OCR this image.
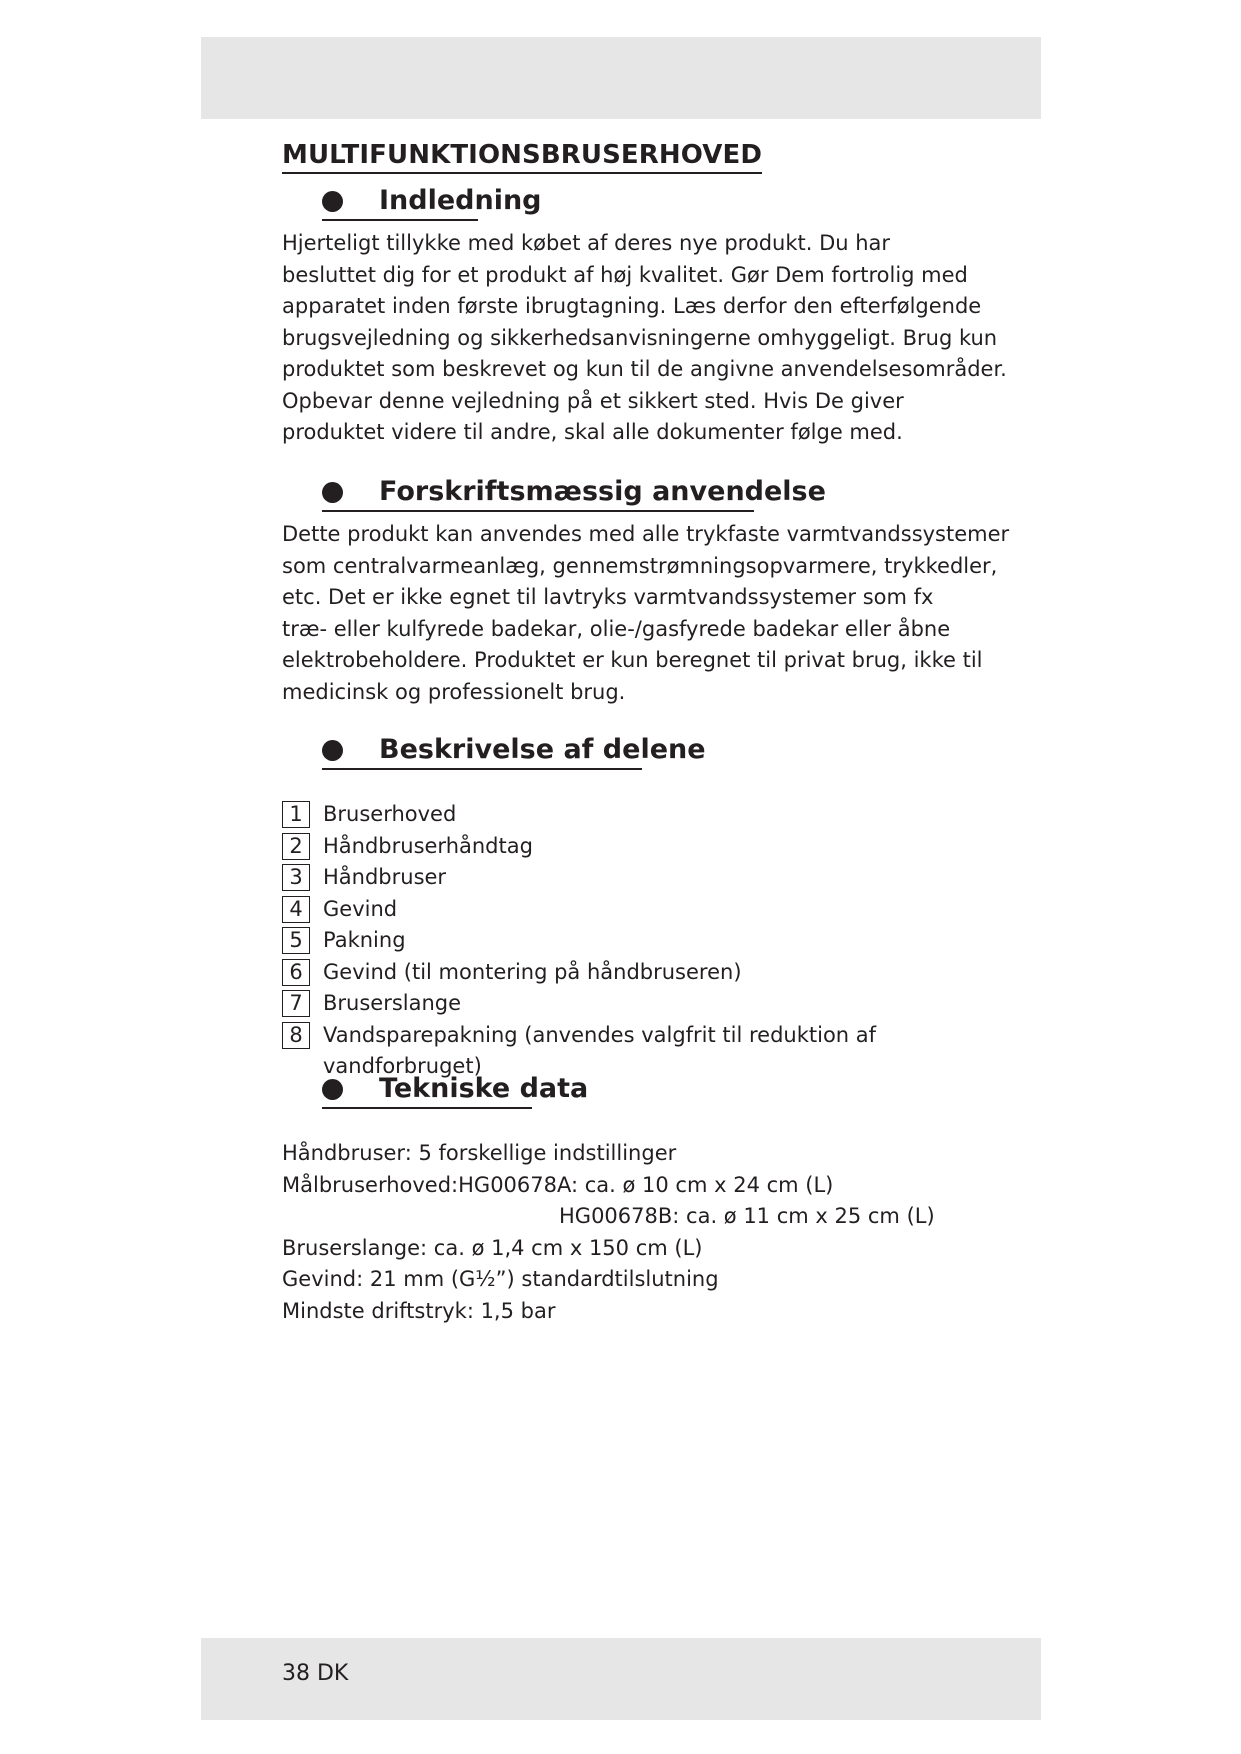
MULTIFUNKTIONSBRUSERHOVED
Indledning

Hjerteligt tillykke med købet af deres nye produkt. Du har
besluttet dig for et produkt af høj kvalitet. Gør Dem fortrolig med
apparatet inden første ibrugtagning. Læs derfor den efterfølgende
brugsvejledning og sikkerhedsanvisningerne omhyggeligt. Brug kun
produktet som beskrevet og kun til de angivne anvendelsesområder.
Opbevar denne vejledning på et sikkert sted. Hvis De giver
produktet videre til andre, skal alle dokumenter følge med.

Forskriftsmæssig anvendelse

Dette produkt kan anvendes med alle trykfaste varmtvandssystemer
som centralvarmeanlæg, gennemstrømningsopvarmere, trykkedler,
etc. Det er ikke egnet til lavtryks varmtvandssystemer som fx
træ- eller kulfyrede badekar, olie-/gasfyrede badekar eller åbne
elektrobeholdere. Produktet er kun beregnet til privat brug, ikke til
medicinsk og professionelt brug.

Beskrivelse af delene
1 Bruserhoved
2 Håndbruserhåndtag
3 Håndbruser
4 Gevind
5 Pakning
6 Gevind (til montering på håndbruseren)
7 Bruserslange
8 Vandsparepakning (anvendes valgfrit til reduktion af vandforbruget)
Tekniske data
Håndbruser: 5 forskellige indstillinger
Målbruserhoved:HG00678A: ca. ø 10 cm x 24 cm (L)
HG00678B: ca. ø 11 cm x 25 cm (L)
Bruserslange: ca. ø 1,4 cm x 150 cm (L)
Gevind: 21 mm (G½”) standardtilslutning
Mindste driftstryk: 1,5 bar
38 DK
